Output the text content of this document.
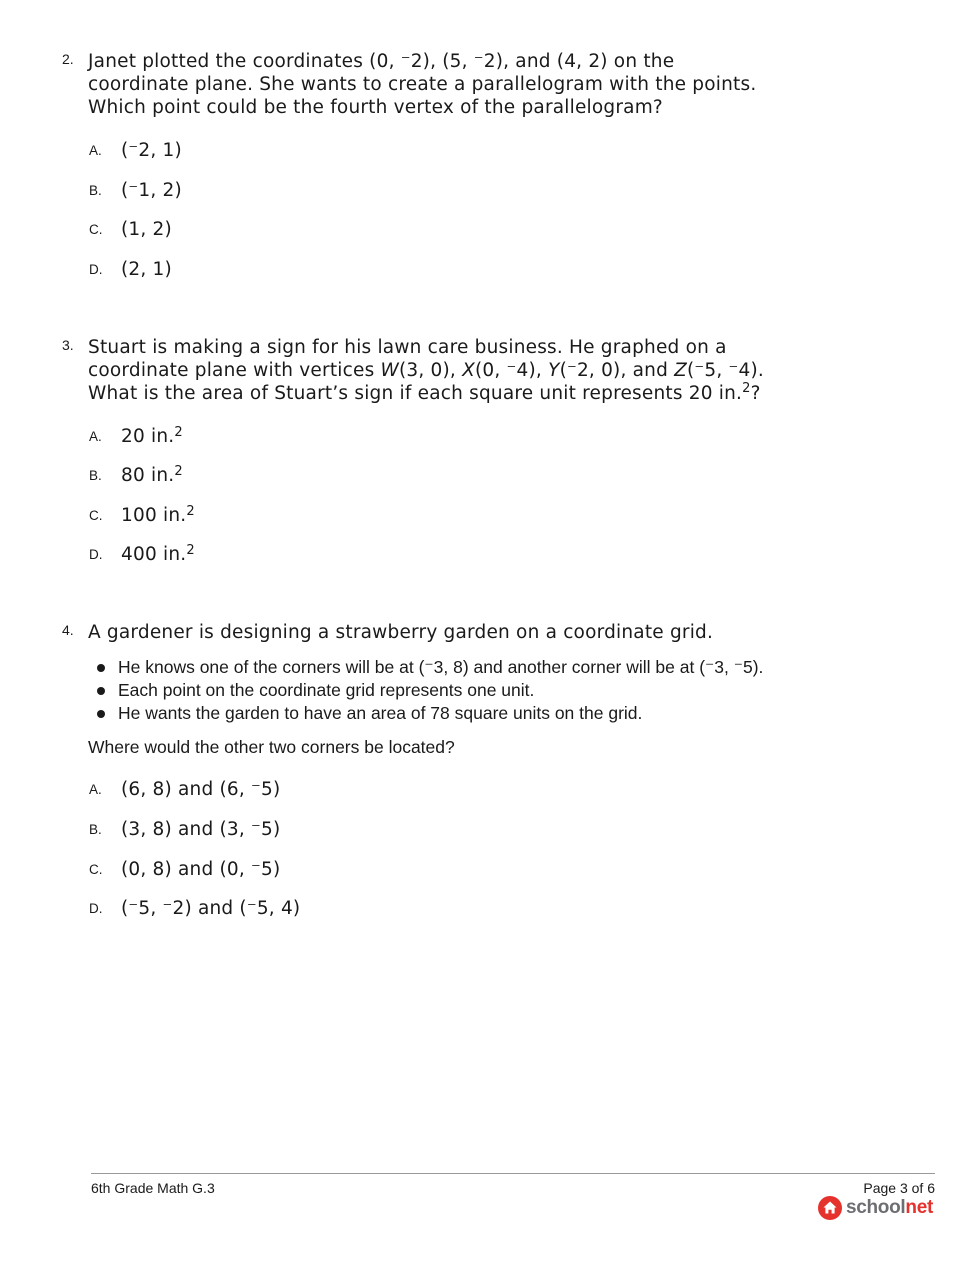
2. Janet plotted the coordinates (0, ⁻2), (5, ⁻2), and (4, 2) on the
coordinate plane. She wants to create a parallelogram with the points.
Which point could be the fourth vertex of the parallelogram?
A. (⁻2, 1)
B. (⁻1, 2)
C. (1, 2)
D. (2, 1)
3. Stuart is making a sign for his lawn care business. He graphed on a
coordinate plane with vertices W(3, 0), X(0, ⁻4), Y(⁻2, 0), and Z(⁻5, ⁻4).
What is the area of Stuart’s sign if each square unit represents 20 in.$^2$?
A. 20 in.$^2$
B. 80 in.$^2$
C. 100 in.$^2$
D. 400 in.$^2$
4. A gardener is designing a strawberry garden on a coordinate grid.
He knows one of the corners will be at (⁻3, 8) and another corner will be at (⁻3, ⁻5).
Each point on the coordinate grid represents one unit.
He wants the garden to have an area of 78 square units on the grid.
Where would the other two corners be located?
A. (6, 8) and (6, ⁻5)
B. (3, 8) and (3, ⁻5)
C. (0, 8) and (0, ⁻5)
D. (⁻5, ⁻2) and (⁻5, 4)
6th Grade Math G.3	Page 3 of 6
schoolnet
